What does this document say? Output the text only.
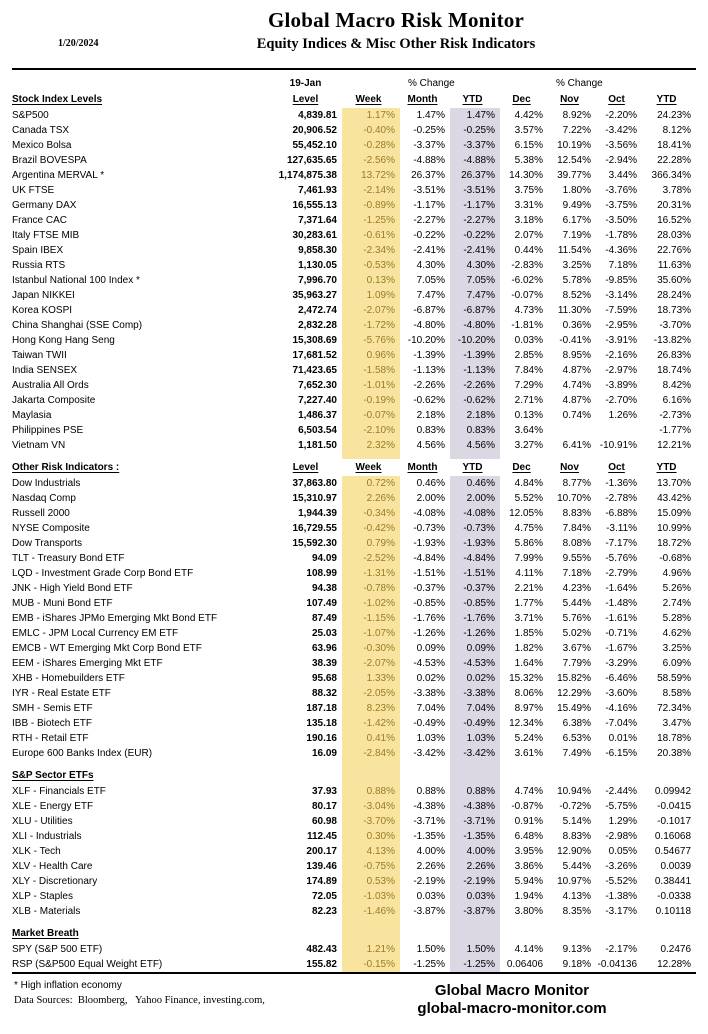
1/20/2024
Global Macro Risk Monitor
Equity Indices & Misc Other Risk Indicators
	19-Jan		% Change			% Change		
Stock Index Levels	Level	Week	Month	YTD	Dec	Nov	Oct	YTD
S&P500	4,839.81	1.17%	1.47%	1.47%	4.42%	8.92%	-2.20%	24.23%
Canada TSX	20,906.52	-0.40%	-0.25%	-0.25%	3.57%	7.22%	-3.42%	8.12%
Mexico Bolsa	55,452.10	-0.28%	-3.37%	-3.37%	6.15%	10.19%	-3.56%	18.41%
Brazil BOVESPA	127,635.65	-2.56%	-4.88%	-4.88%	5.38%	12.54%	-2.94%	22.28%
Argentina MERVAL *	1,174,875.38	13.72%	26.37%	26.37%	14.30%	39.77%	3.44%	366.34%
UK FTSE	7,461.93	-2.14%	-3.51%	-3.51%	3.75%	1.80%	-3.76%	3.78%
Germany DAX	16,555.13	-0.89%	-1.17%	-1.17%	3.31%	9.49%	-3.75%	20.31%
France CAC	7,371.64	-1.25%	-2.27%	-2.27%	3.18%	6.17%	-3.50%	16.52%
Italy FTSE MIB	30,283.61	-0.61%	-0.22%	-0.22%	2.07%	7.19%	-1.78%	28.03%
Spain IBEX	9,858.30	-2.34%	-2.41%	-2.41%	0.44%	11.54%	-4.36%	22.76%
Russia RTS	1,130.05	-0.53%	4.30%	4.30%	-2.83%	3.25%	7.18%	11.63%
Istanbul National 100 Index *	7,996.70	0.13%	7.05%	7.05%	-6.02%	5.78%	-9.85%	35.60%
Japan NIKKEI	35,963.27	1.09%	7.47%	7.47%	-0.07%	8.52%	-3.14%	28.24%
Korea KOSPI	2,472.74	-2.07%	-6.87%	-6.87%	4.73%	11.30%	-7.59%	18.73%
China Shanghai (SSE Comp)	2,832.28	-1.72%	-4.80%	-4.80%	-1.81%	0.36%	-2.95%	-3.70%
Hong Kong Hang Seng	15,308.69	-5.76%	-10.20%	-10.20%	0.03%	-0.41%	-3.91%	-13.82%
Taiwan TWII	17,681.52	0.96%	-1.39%	-1.39%	2.85%	8.95%	-2.16%	26.83%
India SENSEX	71,423.65	-1.58%	-1.13%	-1.13%	7.84%	4.87%	-2.97%	18.74%
Australia All Ords	7,652.30	-1.01%	-2.26%	-2.26%	7.29%	4.74%	-3.89%	8.42%
Jakarta Composite	7,227.40	-0.19%	-0.62%	-0.62%	2.71%	4.87%	-2.70%	6.16%
Maylasia	1,486.37	-0.07%	2.18%	2.18%	0.13%	0.74%	1.26%	-2.73%
Philippines PSE	6,503.54	-2.10%	0.83%	0.83%	3.64%			-1.77%
Vietnam VN	1,181.50	2.32%	4.56%	4.56%	3.27%	6.41%	-10.91%	12.21%

Other Risk Indicators :	Level	Week	Month	YTD	Dec	Nov	Oct	YTD
Dow Industrials	37,863.80	0.72%	0.46%	0.46%	4.84%	8.77%	-1.36%	13.70%
Nasdaq Comp	15,310.97	2.26%	2.00%	2.00%	5.52%	10.70%	-2.78%	43.42%
Russell 2000	1,944.39	-0.34%	-4.08%	-4.08%	12.05%	8.83%	-6.88%	15.09%
NYSE Composite	16,729.55	-0.42%	-0.73%	-0.73%	4.75%	7.84%	-3.11%	10.99%
Dow Transports	15,592.30	0.79%	-1.93%	-1.93%	5.86%	8.08%	-7.17%	18.72%
TLT - Treasury Bond ETF	94.09	-2.52%	-4.84%	-4.84%	7.99%	9.55%	-5.76%	-0.68%
LQD - Investment Grade Corp Bond ETF	108.99	-1.31%	-1.51%	-1.51%	4.11%	7.18%	-2.79%	4.96%
JNK - High Yield Bond ETF	94.38	-0.78%	-0.37%	-0.37%	2.21%	4.23%	-1.64%	5.26%
MUB - Muni Bond ETF	107.49	-1.02%	-0.85%	-0.85%	1.77%	5.44%	-1.48%	2.74%
EMB - iShares JPMo Emerging Mkt Bond ETF	87.49	-1.15%	-1.76%	-1.76%	3.71%	5.76%	-1.61%	5.28%
EMLC - JPM Local Currency EM ETF	25.03	-1.07%	-1.26%	-1.26%	1.85%	5.02%	-0.71%	4.62%
EMCB - WT Emerging Mkt Corp Bond ETF	63.96	-0.30%	0.09%	0.09%	1.82%	3.67%	-1.67%	3.25%
EEM - iShares Emerging Mkt ETF	38.39	-2.07%	-4.53%	-4.53%	1.64%	7.79%	-3.29%	6.09%
XHB - Homebuilders ETF	95.68	1.33%	0.02%	0.02%	15.32%	15.82%	-6.46%	58.59%
IYR - Real Estate ETF	88.32	-2.05%	-3.38%	-3.38%	8.06%	12.29%	-3.60%	8.58%
SMH - Semis ETF	187.18	8.23%	7.04%	7.04%	8.97%	15.49%	-4.16%	72.34%
IBB - Biotech ETF	135.18	-1.42%	-0.49%	-0.49%	12.34%	6.38%	-7.04%	3.47%
RTH - Retail ETF	190.16	0.41%	1.03%	1.03%	5.24%	6.53%	0.01%	18.78%
Europe 600 Banks Index (EUR)	16.09	-2.84%	-3.42%	-3.42%	3.61%	7.49%	-6.15%	20.38%

S&P Sector ETFs								
XLF - Financials ETF	37.93	0.88%	0.88%	0.88%	4.74%	10.94%	-2.44%	0.09942
XLE - Energy ETF	80.17	-3.04%	-4.38%	-4.38%	-0.87%	-0.72%	-5.75%	-0.0415
XLU - Utilities	60.98	-3.70%	-3.71%	-3.71%	0.91%	5.14%	1.29%	-0.1017
XLI - Industrials	112.45	0.30%	-1.35%	-1.35%	6.48%	8.83%	-2.98%	0.16068
XLK - Tech	200.17	4.13%	4.00%	4.00%	3.95%	12.90%	0.05%	0.54677
XLV - Health Care	139.46	-0.75%	2.26%	2.26%	3.86%	5.44%	-3.26%	0.0039
XLY - Discretionary	174.89	0.53%	-2.19%	-2.19%	5.94%	10.97%	-5.52%	0.38441
XLP - Staples	72.05	-1.03%	0.03%	0.03%	1.94%	4.13%	-1.38%	-0.0338
XLB - Materials	82.23	-1.46%	-3.87%	-3.87%	3.80%	8.35%	-3.17%	0.10118

Market Breath								
SPY (S&P 500 ETF)	482.43	1.21%	1.50%	1.50%	4.14%	9.13%	-2.17%	0.2476
RSP (S&P500 Equal Weight ETF)	155.82	-0.15%	-1.25%	-1.25%	0.06406	9.18%	-0.04136	12.28%
* High inflation economy
Data Sources:  Bloomberg,   Yahoo Finance, investing.com,
Global Macro Monitor
global-macro-monitor.com
